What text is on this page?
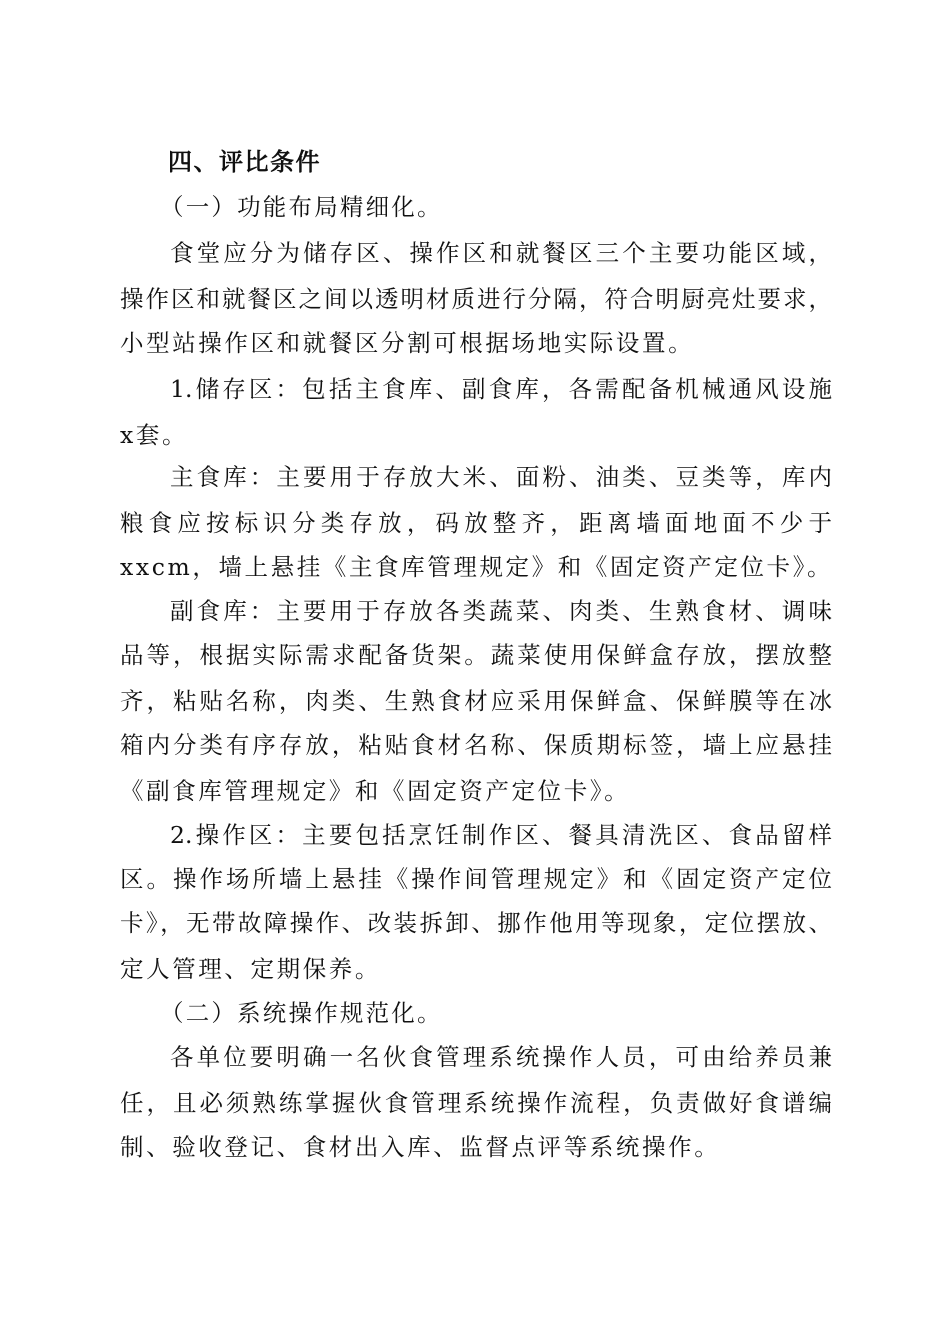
四、评比条件
（一）功能布局精细化。
食堂应分为储存区、操作区和就餐区三个主要功能区域，
操作区和就餐区之间以透明材质进行分隔，符合明厨亮灶要求，
小型站操作区和就餐区分割可根据场地实际设置。
1.储存区：包括主食库、副食库，各需配备机械通风设施
x套。
主食库：主要用于存放大米、面粉、油类、豆类等，库内
粮食应按标识分类存放，码放整齐，距离墙面地面不少于
xxcm，墙上悬挂《主食库管理规定》和《固定资产定位卡》。
副食库：主要用于存放各类蔬菜、肉类、生熟食材、调味
品等，根据实际需求配备货架。蔬菜使用保鲜盒存放，摆放整
齐，粘贴名称，肉类、生熟食材应采用保鲜盒、保鲜膜等在冰
箱内分类有序存放，粘贴食材名称、保质期标签，墙上应悬挂
《副食库管理规定》和《固定资产定位卡》。
2.操作区：主要包括烹饪制作区、餐具清洗区、食品留样
区。操作场所墙上悬挂《操作间管理规定》和《固定资产定位
卡》，无带故障操作、改装拆卸、挪作他用等现象，定位摆放、
定人管理、定期保养。
（二）系统操作规范化。
各单位要明确一名伙食管理系统操作人员，可由给养员兼
任，且必须熟练掌握伙食管理系统操作流程，负责做好食谱编
制、验收登记、食材出入库、监督点评等系统操作。
